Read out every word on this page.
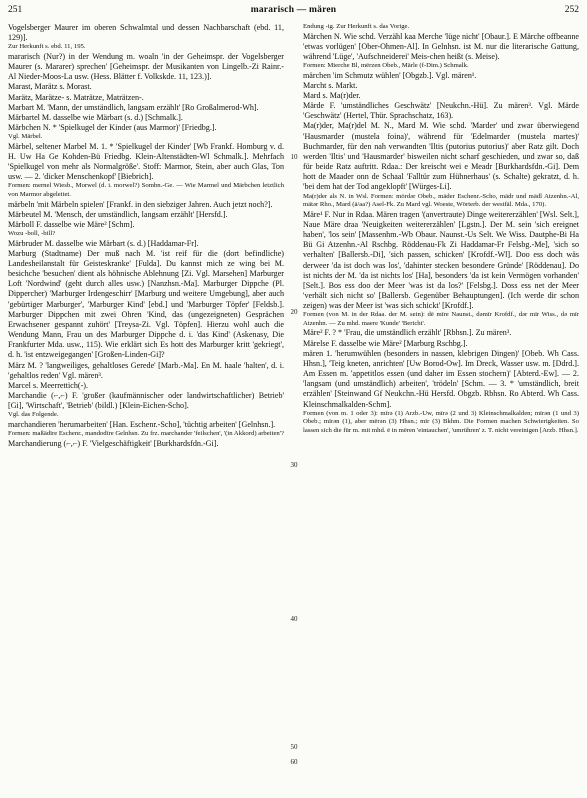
251	mararisch — mären	252

Vogelsberger Maurer im oberen Schwalmtal und dessen Nachbarschaft (ebd. 11, 129)].

Zur Herkunft s. ebd. 11, 195.

mararisch (Nur?) in der Wendung m. woaln 'in der Geheimspr. der Vogelsberger Maurer (s. Mararer) sprechen' [Geheimspr. der Musikanten von Lingelb.-Zi Rainr.-Al Nieder-Moos-La usw. (Hess. Blätter f. Volkskde. 11, 123.)].

Marast, Marätz s. Morast.

Marätz, Marätze- s. Maträtze, Maträtzen-.

Marbart M. 'Mann, der umständlich, langsam erzählt' [Ro Großalmerod-Wh].

Märbartel M. dasselbe wie Märbart (s. d.) [Schmalk.].

Märbchen N. * 'Spielkugel der Kinder (aus Marmor)' [Friedbg.].

Vgl. Märbel.

Märbel, seltener Marbel M. 1. * 'Spielkugel der Kinder' [Wb Frankf. Homburg v. d. H. Uw Ha Ge Kohden-Bü Friedbg. Klein-Altenstädten-Wl Schmalk.]. Mehrfach 'Spielkugel von mehr als Normalgröße'. Stoff: Marmor, Stein, aber auch Glas, Ton usw. — 2. 'dicker Menschenkopf' [Biebrich].

Formen: mernel Wiesb., Morwel (d. i. morwel?) Sombn.-Ge. — Wie Marmel und Märbchen letztlich von Marmor abgeleitet.

märbeln 'mit Märbeln spielen' [Frankf. in den siebziger Jahren. Auch jetzt noch?].

Märbeutel M. 'Mensch, der umständlich, langsam erzählt' [Hersfd.].

Märboll F. dasselbe wie Märe² [Schm].

Wozu -boll, -bill?

Märbruder M. dasselbe wie Märbart (s. d.) [Haddamar-Fr].

Marburg (Stadtname) Der muß nach M. 'ist reif für die (dort befindliche) Landesheilanstalt für Geisteskranke' [Fulda]. Du kannst mich ze wing bei M. besichche 'besuchen' dient als höhnische Ablehnung [Zi. Vgl. Marsehen] Marburger Loft 'Nordwind' (geht durch alles usw.) [Nanzhsn.-Ma]. Marburger Dippche (Pl. Dippercher) 'Marburger Irdengeschirr' [Marburg und weitere Umgebung], aber auch 'gebürtiger Marburger', 'Marburger Kind' [ebd.] und 'Marburger Töpfer' [Feldsb.]. Marburger Dippchen mit zwei Ohren 'Kind, das (ungezeigneten) Gesprächen Erwachsener gespannt zuhört' [Treysa-Zi. Vgl. Töpfen]. Hierzu wohl auch die Wendung Mann, Frau un des Marburger Dippche d. i. 'das Kind' (Askenasy, Die Frankfurter Mda. usw., 115). Wie erklärt sich Es hott des Marburger kritt 'gekriegt', d. h. 'ist entzweigegangen' [Großen-Linden-Gi]?

März M. ? 'langweiliges, gehaltloses Gerede' [Marb.-Ma]. En M. haale 'halten', d. i. 'gehaltlos reden' Vgl. mären³.

Marcel s. Meerrettich(-).

Marchandie (⌐,⌐) F. 'großer (kaufmännischer oder landwirtschaftlicher) Betrieb' [Gi], 'Wirtschaft', 'Betrieb' (bildl.) [Klein-Eichen-Scho].

Vgl. das Folgende.

marchandieren 'herumarbeiten' [Han. Eschenr.-Scho], 'tüchtig arbeiten' [Gelnhsn.].

Formen: maßädīre Eschenr., mandodīre Gelnhsn. Zu frz. marchander 'feilschen', '(in Akkord) arbeiten'?

Marchandierung (⌐,⌐) F. 'Vielgeschäftigkeit' [Burkhardsfdn.-Gi].

10
20
30
40
50
60

Endung -ig. Zur Herkunft s. das Vorige.

Märchen N. Wie schd. Verzähl kaa Merche 'lüge nicht' [Obaur.]. E Märche offbeanne 'etwas vorlügen' [Ober-Ohmen-Al]. In Gelnhsn. ist M. nur die literarische Gattung, während 'Lüge', 'Aufschneiderei' Meis-chen heißt (s. Meise).

Formen: Mierche Bl, mērzen Obeb., Märle (f-Dim.) Schmalk.

märchen 'im Schmutz wühlen' [Obgzb.]. Vgl. mären¹.

Marcht s. Markt.

Mard s. Ma(r)der.

Märde F. 'umständliches Geschwätz' [Neukchn.-Hü]. Zu mären³. Vgl. Märde 'Geschwätz' (Hertel, Thür. Sprachschatz, 163).

Ma(r)der, Ma(r)del M. N., Mard M. Wie schd. 'Marder' und zwar überwiegend 'Hausmarder (mustela foina)', während für 'Edelmarder (mustela martes)' Buchmarder, für den nah verwandten 'Iltis (putorius putorius)' aber Ratz gilt. Doch werden 'Iltis' und 'Hausmarder' bisweilen nicht scharf geschieden, und zwar so, daß für beide Ratz auftritt. Rdaa.: Der kreischt wei e Meadr [Burkhardsfdn.-Gi]. Dem hott de Maader onn de Schaal 'Falltür zum Hühnerhaus' (s. Schalte) gekratzt, d. h. 'bei dem hat der Tod angeklopft' [Würges-Li].

Ma(r)der als N. in Wsl. Formen: mōrdər Obeb., māder Eschenr.-Scho, mādr und mādl Atzenhn.-Al, mātər Rho., Mard (ā/aa?) Asel-Fk. Zu Mard vgl. Woeste, Wörterb. der westfäl. Mda., 170).

Märe¹ F. Nur in Rdaa. Mären tragen '(anvertraute) Dinge weitererzählen' [Wsl. Selt.], Naue Märe draa 'Neuigkeiten weitererzählen' [Lgstn.]. Der M. sein 'sich ereignet haben', 'los sein' [Massenhm.-Wb Obaur. Naunst.-Us Selt. We Wiss. Dautphe-Bi Ha Bü Gi Atzenhn.-Al Rschbg. Röddenau-Fk Zi Haddamar-Fr Felsbg.-Me], 'sich so verhalten' [Ballersb.-Di], 'sich passen, schicken' [Krofdf.-Wl]. Doo ess doch wäs derweer 'da ist doch was los', 'dahinter stecken besondere Gründe' [Röddenau]. Do ist nichts der M. 'da ist nichts los' [Ha], besonders 'da ist kein Vermögen vorhanden' [Selt.]. Bos ess doo der Meer 'was ist da los?' [Felsbg.]. Doss ess net der Meer 'verhält sich nicht so' [Ballersb. Gegenüber Behauptungen]. (Ich werde dir schon zeigen) was der Meer ist 'was sich schickt' [Krofdf.].

Formen (von M. in der Rdaa. der M. sein): dē mīre Naunst., dəmīr Krofdf., dər mīr Wiss., də mīr Atzenhn. — Zu mhd. maere 'Kunde' 'Bericht'.

Märe² F. ? * 'Frau, die umständlich erzählt' [Rbhsn.]. Zu mären³.

Märelse F. dasselbe wie Märe² [Marburg Rschbg.].

mären 1. 'herumwühlen (besonders in nassen, klebrigen Dingen)' [Obeb. Wh Cass. Hhsn.], 'Teig kneten, anrichten' [Uw Borod-Ow]. Im Dreck, Wasser usw. m. [Ddrd.]. Am Essen m. 'appetitlos essen (und daher im Essen stochern)' [Abterd.-Ew]. — 2. 'langsam (und umständlich) arbeiten', 'trödeln' [Schm. — 3. * 'umständlich, breit erzählen' [Steinwand Gf Neukchn.-Hü Hersfd. Obgzb. Rbhsn. Ro Abterd. Wh Cass. Kleinschmalkalden-Schm].

Formen (von m. 1 oder 3): mīrə (1) Arzb.-Uw, mīrə (2 und 3) Kleinschmalkalden; mīrən (1 und 3) Obeb.; mīrən (1), aber mērən (3) Hhsn.; mīr (3) Bkhm. Die Formen machen Schwierigkeiten. So lassen sich die für m. mit mhd. ē in mēren 'eintauchen', 'umrühren' z. T. nicht vereinigen [Arzb. Hhsn.].
